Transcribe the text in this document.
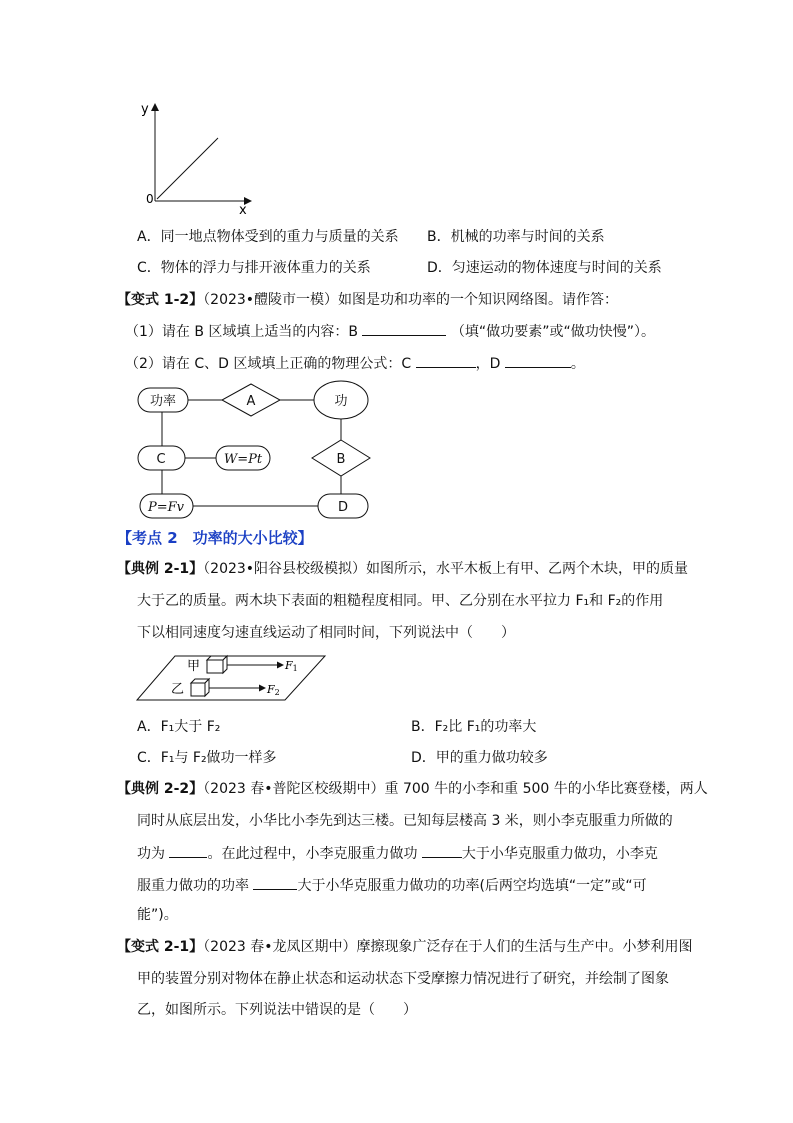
y
x
0
A．同一地点物体受到的重力与质量的关系 B．机械的功率与时间的关系
C．物体的浮力与排开液体重力的关系	D．匀速运动的物体速度与时间的关系
【变式 1-2】（2023•醴陵市一模）如图是功和功率的一个知识网络图。请作答：
（1）请在 B 区域填上适当的内容：B	（填“做功要素”或“做功快慢”）。
（2）请在 C、D 区域填上正确的物理公式：C	，D	。
功率	A	功
C	W=Pt	B
P=Fv	D
【考点 2　功率的大小比较】
【典例 2-1】（2023•阳谷县校级模拟）如图所示，水平木板上有甲、乙两个木块，甲的质量
大于乙的质量。两木块下表面的粗糙程度相同。甲、乙分别在水平拉力 F₁和 F₂的作用
下以相同速度匀速直线运动了相同时间，下列说法中（　　）
甲
乙
F1
F2
A．F₁大于 F₂	B．F₂比 F₁的功率大
C．F₁与 F₂做功一样多	D．甲的重力做功较多
【典例 2-2】（2023 春•普陀区校级期中）重 700 牛的小李和重 500 牛的小华比赛登楼，两人
同时从底层出发，小华比小李先到达三楼。已知每层楼高 3 米，则小李克服重力所做的
功为	。在此过程中，小李克服重力做功	大于小华克服重力做功，小李克
服重力做功的功率	大于小华克服重力做功的功率(后两空均选填“一定”或“可
能”)。
【变式 2-1】（2023 春•龙凤区期中）摩擦现象广泛存在于人们的生活与生产中。小梦利用图
甲的装置分别对物体在静止状态和运动状态下受摩擦力情况进行了研究，并绘制了图象
乙，如图所示。下列说法中错误的是（　　）
